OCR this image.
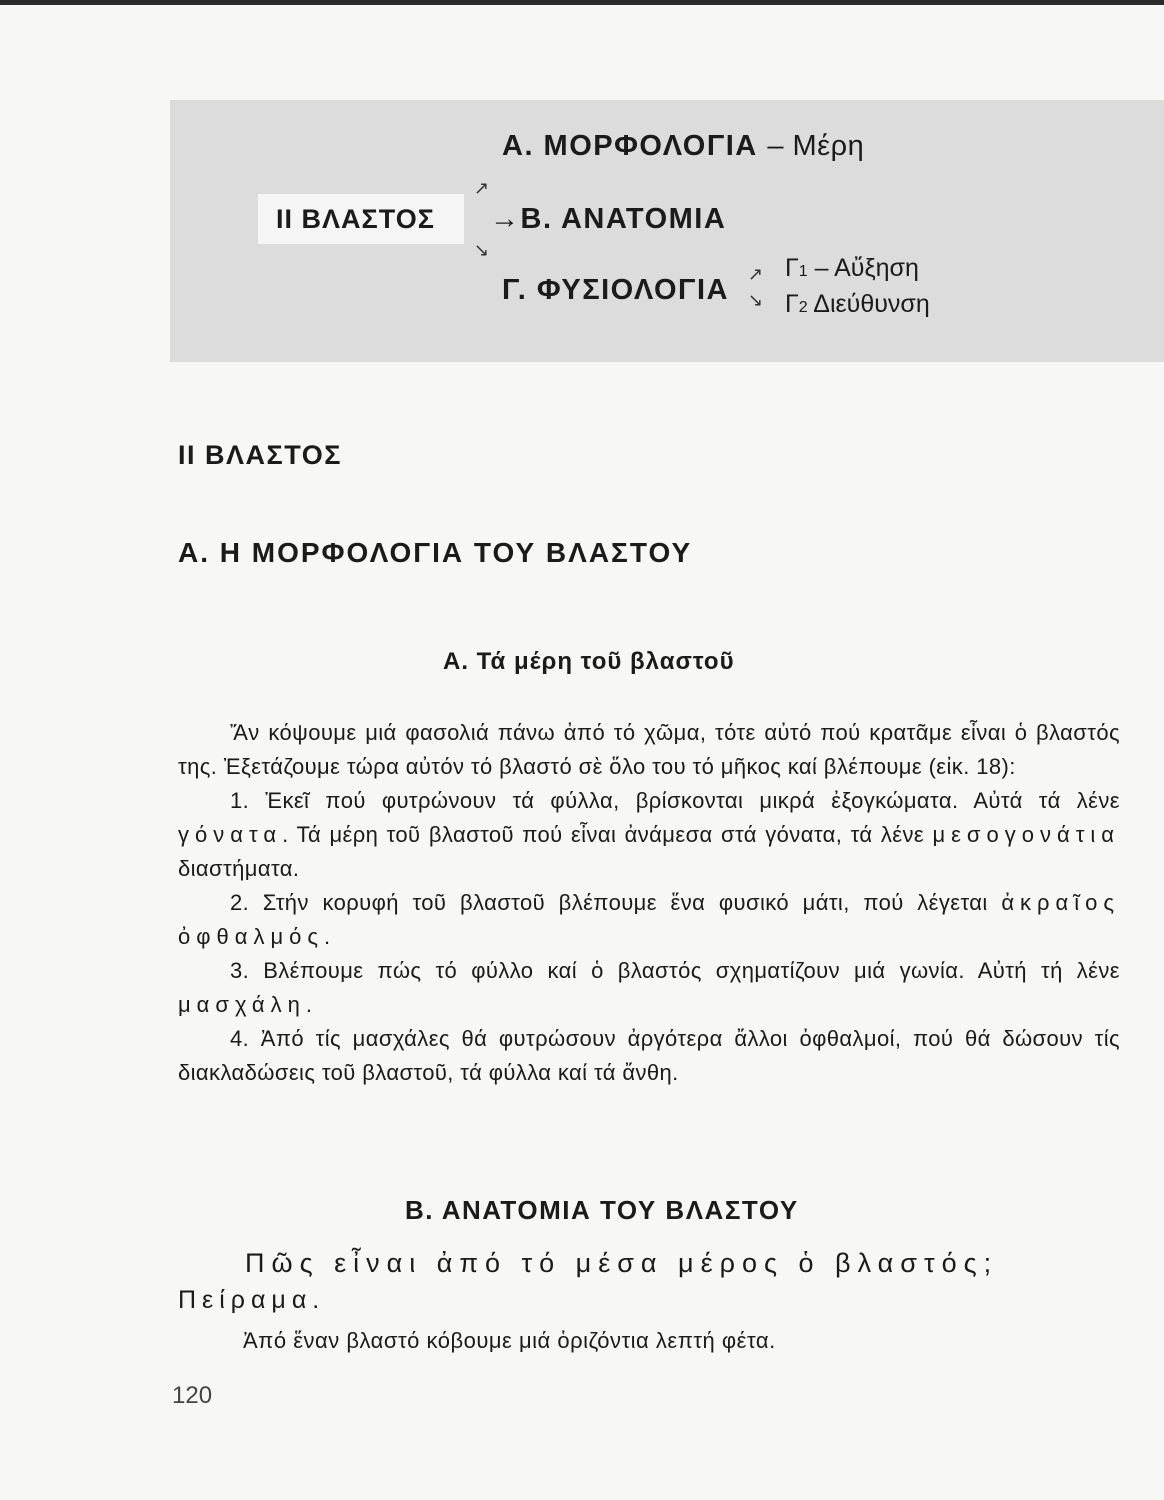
II ΒΛΑΣΤΟΣ
Α. ΜΟΡΦΟΛΟΓΙΑ – Μέρη
→Β. ΑΝΑΤΟΜΙΑ
Γ. ΦΥΣΙΟΛΟΓΙΑ
↗
↘
↗
↘
Γ1 – Αὔξηση
Γ2 Διεύθυνση
II ΒΛΑΣΤΟΣ
Α. Η ΜΟΡΦΟΛΟΓΙΑ ΤΟΥ ΒΛΑΣΤΟΥ
Α. Τά μέρη τοῦ βλαστοῦ

Ἄν κόψουμε μιά φασολιά πάνω ἀπό τό χῶμα, τότε αὐτό πού κρατᾶμε εἶναι ὁ βλαστός της. Ἐξετάζουμε τώρα αὐτόν τό βλαστό σὲ ὅλο του τό μῆκος καί βλέπουμε (εἰκ. 18):

1. Ἐκεῖ πού φυτρώνουν τά φύλλα, βρίσκονται μικρά ἐξογκώματα. Αὐτά τά λένε γόνατα. Τά μέρη τοῦ βλαστοῦ πού εἶναι ἀνάμεσα στά γόνατα, τά λένε μεσογονάτια διαστήματα.

2. Στήν κορυφή τοῦ βλαστοῦ βλέπουμε ἕνα φυσικό μάτι, πού λέγεται ἀκραῖος ὀφθαλμός.

3. Βλέπουμε πώς τό φύλλο καί ὁ βλαστός σχηματίζουν μιά γωνία. Αὐτή τή λένε μασχάλη.

4. Ἀπό τίς μασχάλες θά φυτρώσουν ἀργότερα ἄλλοι ὀφθαλμοί, πού θά δώσουν τίς διακλαδώσεις τοῦ βλαστοῦ, τά φύλλα καί τά ἄνθη.

Β. ΑΝΑΤΟΜΙΑ ΤΟΥ ΒΛΑΣΤΟΥ
Πῶς εἶναι ἀπό τό μέσα μέρος ὁ βλαστός;
Πείραμα.
Ἀπό ἕναν βλαστό κόβουμε μιά ὁριζόντια λεπτή φέτα.
120
